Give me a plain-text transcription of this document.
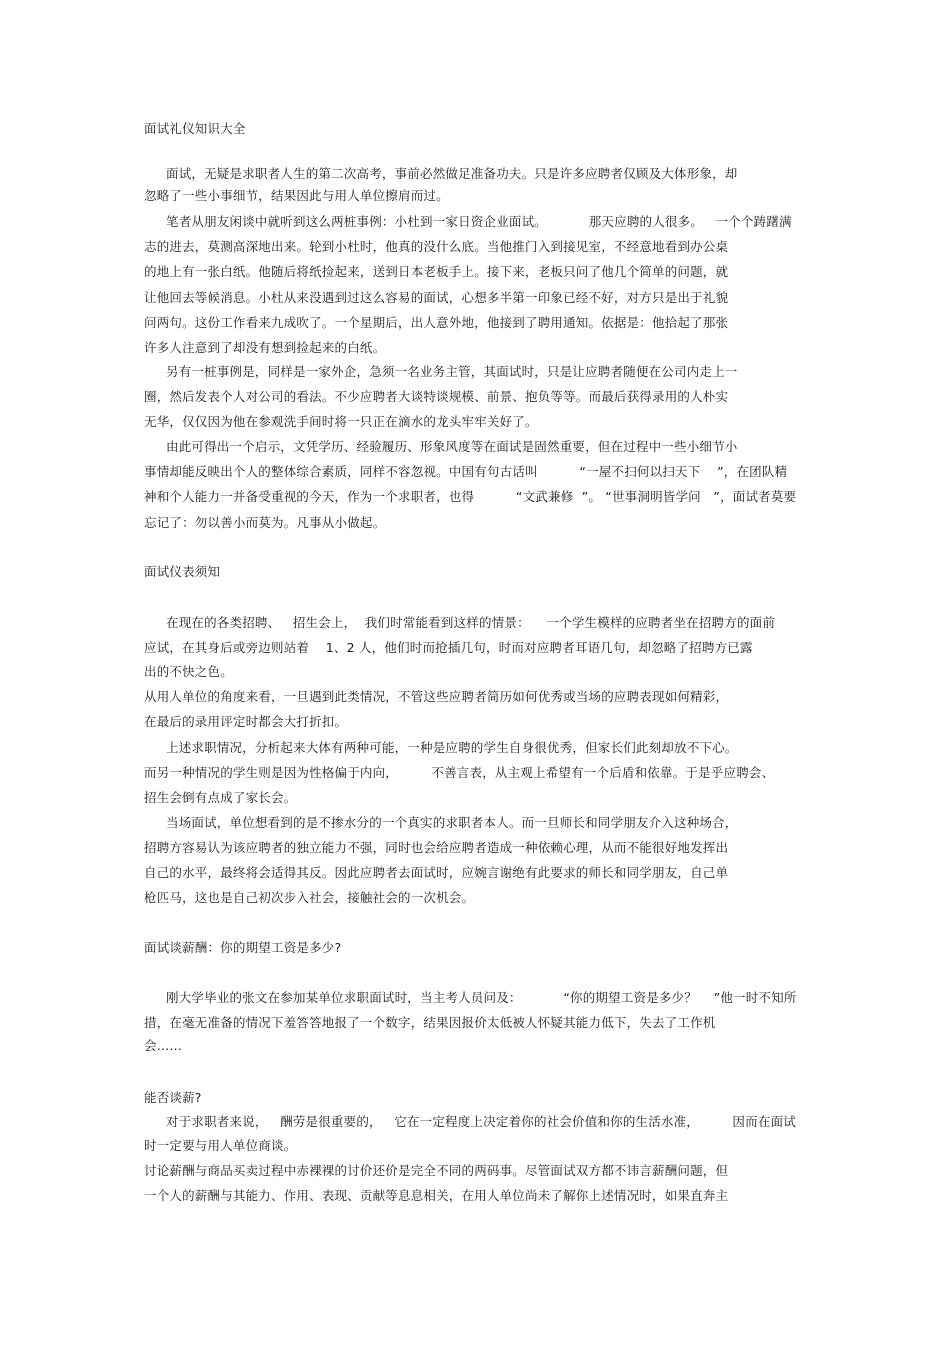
面试礼仪知识大全
面试，无疑是求职者人生的第二次高考，事前必然做足准备功夫。只是许多应聘者仅顾及大体形象，却
忽略了一些小事细节，结果因此与用人单位擦肩而过。
笔者从朋友闲谈中就听到这么两桩事例：小杜到一家日资企业面试。          那天应聘的人很多。   一个个踌躇满
志的进去，莫测高深地出来。轮到小杜时，他真的没什么底。当他推门入到接见室，不经意地看到办公桌
的地上有一张白纸。他随后将纸捡起来，送到日本老板手上。接下来，老板只问了他几个简单的问题，就
让他回去等候消息。小杜从来没遇到过这么容易的面试，心想多半第一印象已经不好，对方只是出于礼貌
问两句。这份工作看来九成吹了。一个星期后，出人意外地，他接到了聘用通知。依据是：他拾起了那张
许多人注意到了却没有想到捡起来的白纸。
另有一桩事例是，同样是一家外企，急须一名业务主管，其面试时，只是让应聘者随便在公司内走上一
圈，然后发表个人对公司的看法。不少应聘者大谈特谈规模、前景、抱负等等。而最后获得录用的人朴实
无华，仅仅因为他在参观洗手间时将一只正在滴水的龙头牢牢关好了。
由此可得出一个启示，文凭学历、经验履历、形象风度等在面试是固然重要，但在过程中一些小细节小
事情却能反映出个人的整体综合素质，同样不容忽视。中国有句古话叫          “一屋不扫何以扫天下    ”，在团队精
神和个人能力一并备受重视的今天，作为一个求职者，也得          “文武兼修  ”。 “世事洞明皆学问   ”，面试者莫要
忘记了：勿以善小而莫为。凡事从小做起。
面试仪表须知
在现在的各类招聘、   招生会上，  我们时常能看到这样的情景：    一个学生模样的应聘者坐在招聘方的面前
应试，在其身后或旁边则站着    1、2 人，他们时而抢插几句，时而对应聘者耳语几句，却忽略了招聘方已露
出的不快之色。
从用人单位的角度来看，一旦遇到此类情况，不管这些应聘者简历如何优秀或当场的应聘表现如何精彩，
在最后的录用评定时都会大打折扣。
上述求职情况，分析起来大体有两种可能，一种是应聘的学生自身很优秀，但家长们此刻却放不下心。
而另一种情况的学生则是因为性格偏于内向，        不善言表，从主观上希望有一个后盾和依靠。于是乎应聘会、
招生会倒有点成了家长会。
当场面试，单位想看到的是不掺水分的一个真实的求职者本人。而一旦师长和同学朋友介入这种场合，
招聘方容易认为该应聘者的独立能力不强，同时也会给应聘者造成一种依赖心理，从而不能很好地发挥出
自己的水平，最终将会适得其反。因此应聘者去面试时，应婉言谢绝有此要求的师长和同学朋友，自己单
枪匹马，这也是自己初次步入社会，接触社会的一次机会。
面试谈薪酬：你的期望工资是多少?
刚大学毕业的张文在参加某单位求职面试时，当主考人员问及：          “你的期望工资是多少？    ”他一时不知所
措，在毫无准备的情况下羞答答地报了一个数字，结果因报价太低被人怀疑其能力低下，失去了工作机
会……
能否谈薪?
对于求职者来说，   酬劳是很重要的，   它在一定程度上决定着你的社会价值和你的生活水准，        因而在面试
时一定要与用人单位商谈。
讨论薪酬与商品买卖过程中赤裸裸的讨价还价是完全不同的两码事。尽管面试双方都不讳言薪酬问题，但
一个人的薪酬与其能力、作用、表现、贡献等息息相关，在用人单位尚未了解你上述情况时，如果直奔主
